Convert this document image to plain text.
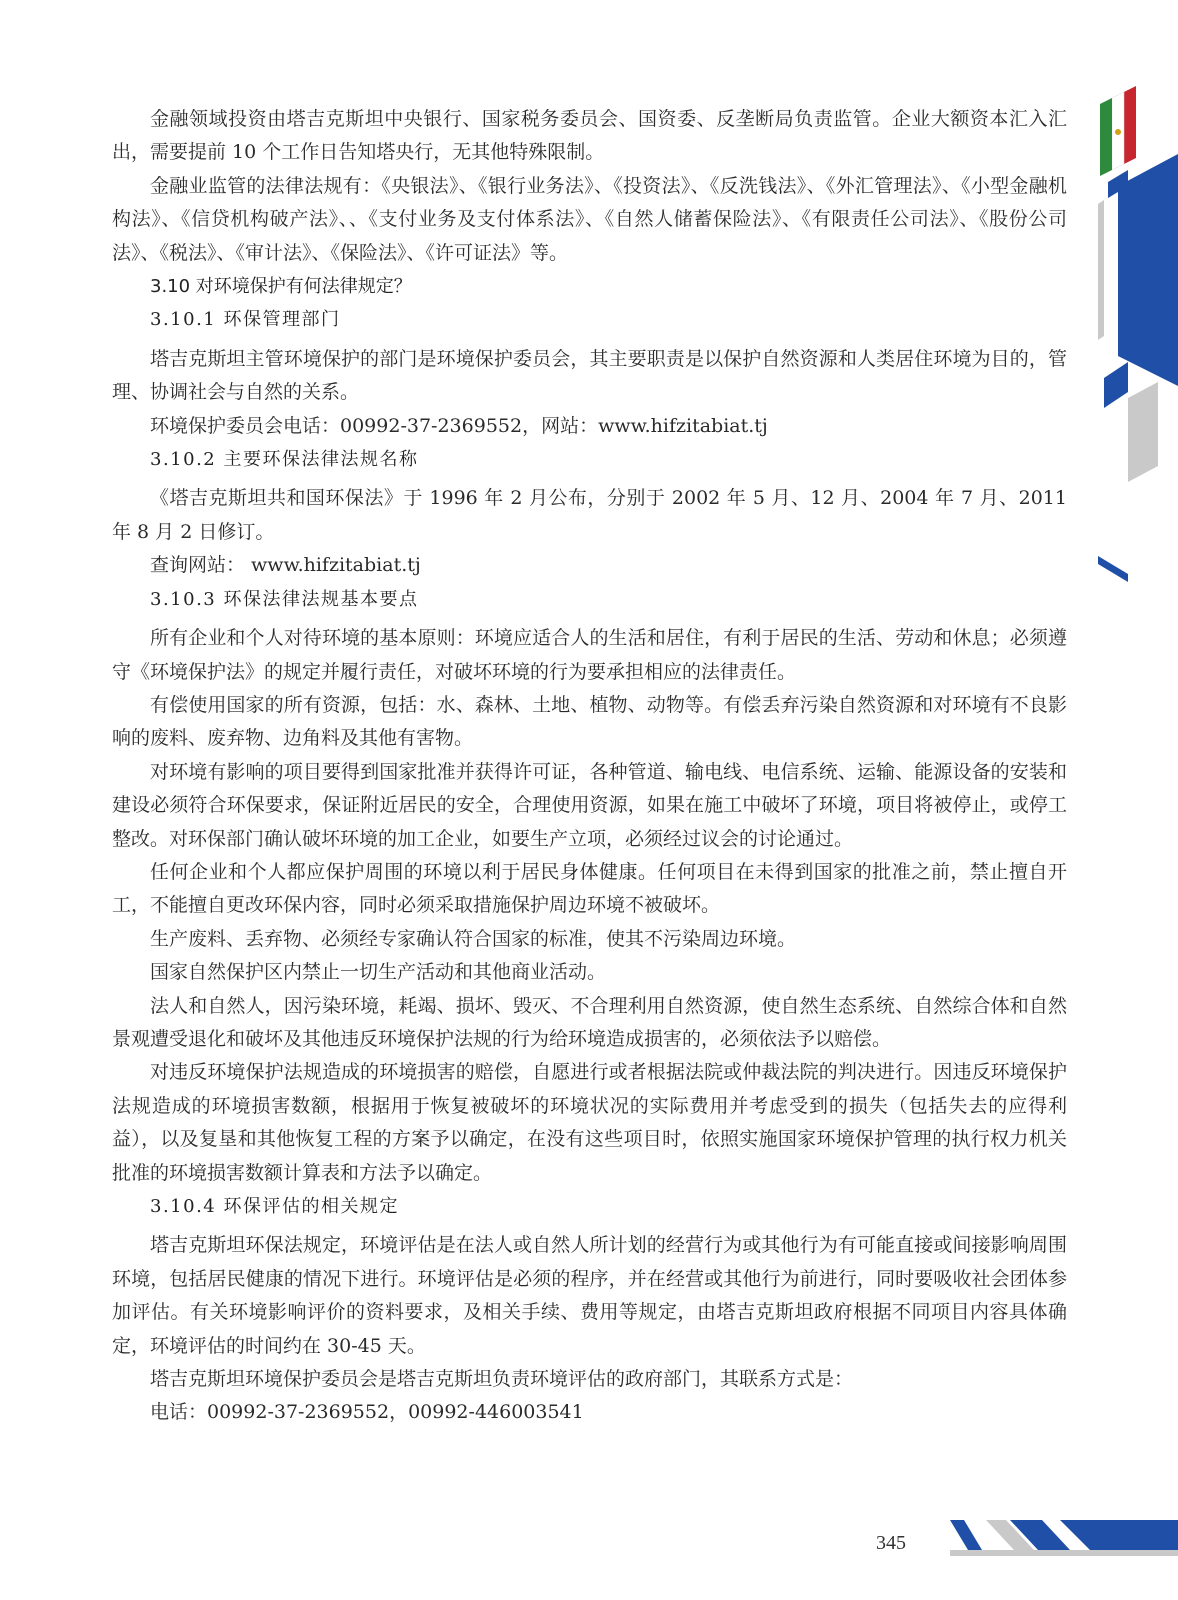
金融领域投资由塔吉克斯坦中央银行、国家税务委员会、国资委、反垄断局负责监管。企业大额资本汇入汇出，需要提前 10 个工作日告知塔央行，无其他特殊限制。

金融业监管的法律法规有：《央银法》、《银行业务法》、《投资法》、《反洗钱法》、《外汇管理法》、《小型金融机构法》、《信贷机构破产法》、、《支付业务及支付体系法》、《自然人储蓄保险法》、《有限责任公司法》、《股份公司法》、《税法》、《审计法》、《保险法》、《许可证法》等。

3.10 对环境保护有何法律规定？

3.10.1 环保管理部门

塔吉克斯坦主管环境保护的部门是环境保护委员会，其主要职责是以保护自然资源和人类居住环境为目的，管理、协调社会与自然的关系。

环境保护委员会电话：00992-37-2369552，网站：www.hifzitabiat.tj

3.10.2 主要环保法律法规名称

《塔吉克斯坦共和国环保法》于 1996 年 2 月公布，分别于 2002 年 5 月、12 月、2004 年 7 月、2011 年 8 月 2 日修订。

查询网站： www.hifzitabiat.tj

3.10.3 环保法律法规基本要点

所有企业和个人对待环境的基本原则：环境应适合人的生活和居住，有利于居民的生活、劳动和休息；必须遵守《环境保护法》的规定并履行责任，对破坏环境的行为要承担相应的法律责任。

有偿使用国家的所有资源，包括：水、森林、土地、植物、动物等。有偿丢弃污染自然资源和对环境有不良影响的废料、废弃物、边角料及其他有害物。

对环境有影响的项目要得到国家批准并获得许可证，各种管道、输电线、电信系统、运输、能源设备的安装和建设必须符合环保要求，保证附近居民的安全，合理使用资源，如果在施工中破坏了环境，项目将被停止，或停工整改。对环保部门确认破坏环境的加工企业，如要生产立项，必须经过议会的讨论通过。

任何企业和个人都应保护周围的环境以利于居民身体健康。任何项目在未得到国家的批准之前，禁止擅自开工，不能擅自更改环保内容，同时必须采取措施保护周边环境不被破坏。

生产废料、丢弃物、必须经专家确认符合国家的标准，使其不污染周边环境。

国家自然保护区内禁止一切生产活动和其他商业活动。

法人和自然人，因污染环境，耗竭、损坏、毁灭、不合理利用自然资源，使自然生态系统、自然综合体和自然景观遭受退化和破坏及其他违反环境保护法规的行为给环境造成损害的，必须依法予以赔偿。

对违反环境保护法规造成的环境损害的赔偿，自愿进行或者根据法院或仲裁法院的判决进行。因违反环境保护法规造成的环境损害数额，根据用于恢复被破坏的环境状况的实际费用并考虑受到的损失（包括失去的应得利益），以及复垦和其他恢复工程的方案予以确定，在没有这些项目时，依照实施国家环境保护管理的执行权力机关批准的环境损害数额计算表和方法予以确定。

3.10.4 环保评估的相关规定

塔吉克斯坦环保法规定，环境评估是在法人或自然人所计划的经营行为或其他行为有可能直接或间接影响周围环境，包括居民健康的情况下进行。环境评估是必须的程序，并在经营或其他行为前进行，同时要吸收社会团体参加评估。有关环境影响评价的资料要求，及相关手续、费用等规定，由塔吉克斯坦政府根据不同项目内容具体确定，环境评估的时间约在 30-45 天。

塔吉克斯坦环境保护委员会是塔吉克斯坦负责环境评估的政府部门，其联系方式是：

电话：00992-37-2369552，00992-446003541

345
